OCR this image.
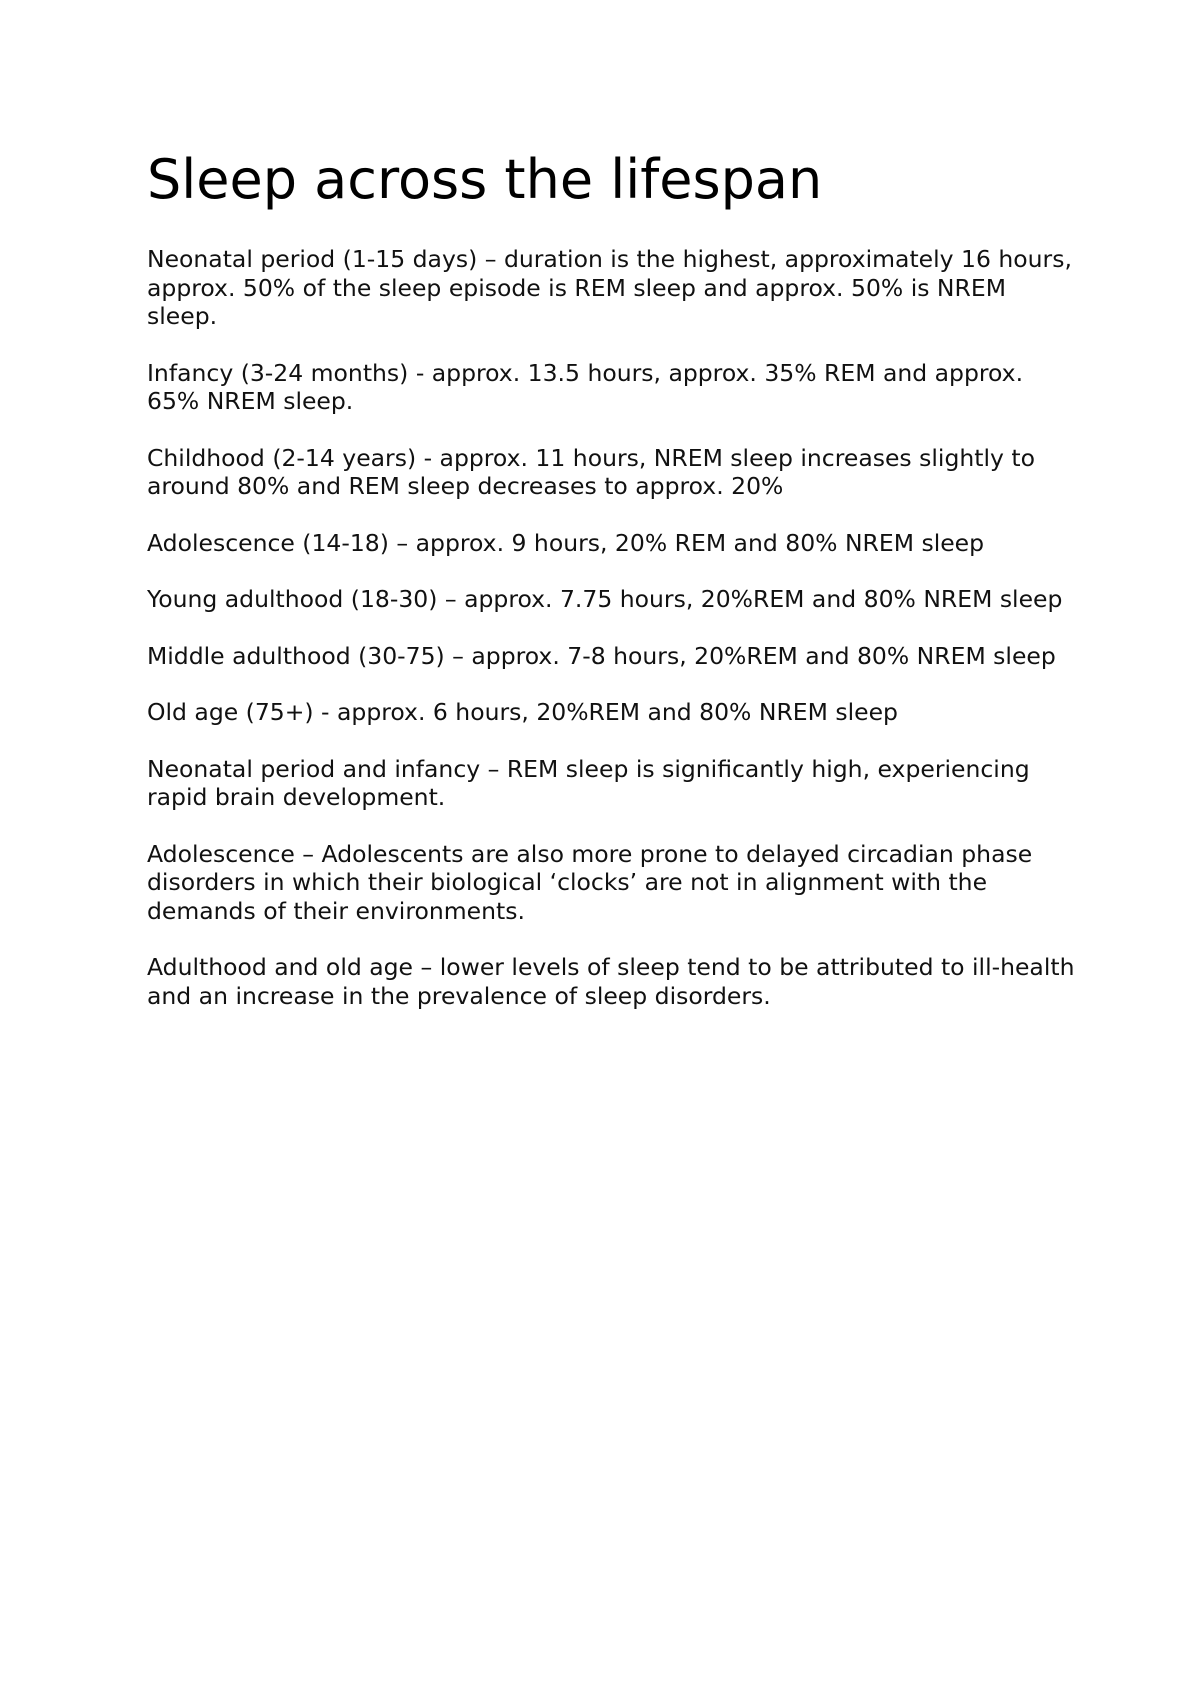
Sleep across the lifespan

Neonatal period (1-15 days) – duration is the highest, approximately 16 hours, approx. 50% of the sleep episode is REM sleep and approx. 50% is NREM sleep.

Infancy (3-24 months) - approx. 13.5 hours, approx. 35% REM and approx. 65% NREM sleep.

Childhood (2-14 years) - approx. 11 hours, NREM sleep increases slightly to around 80% and REM sleep decreases to approx. 20%

Adolescence (14-18) – approx. 9 hours, 20% REM and 80% NREM sleep

Young adulthood (18-30) – approx. 7.75 hours, 20%REM and 80% NREM sleep

Middle adulthood (30-75) – approx. 7-8 hours, 20%REM and 80% NREM sleep

Old age (75+) - approx. 6 hours, 20%REM and 80% NREM sleep

Neonatal period and infancy – REM sleep is significantly high, experiencing rapid brain development.

Adolescence – Adolescents are also more prone to delayed circadian phase disorders in which their biological ‘clocks’ are not in alignment with the demands of their environments.

Adulthood and old age – lower levels of sleep tend to be attributed to ill-health and an increase in the prevalence of sleep disorders.
